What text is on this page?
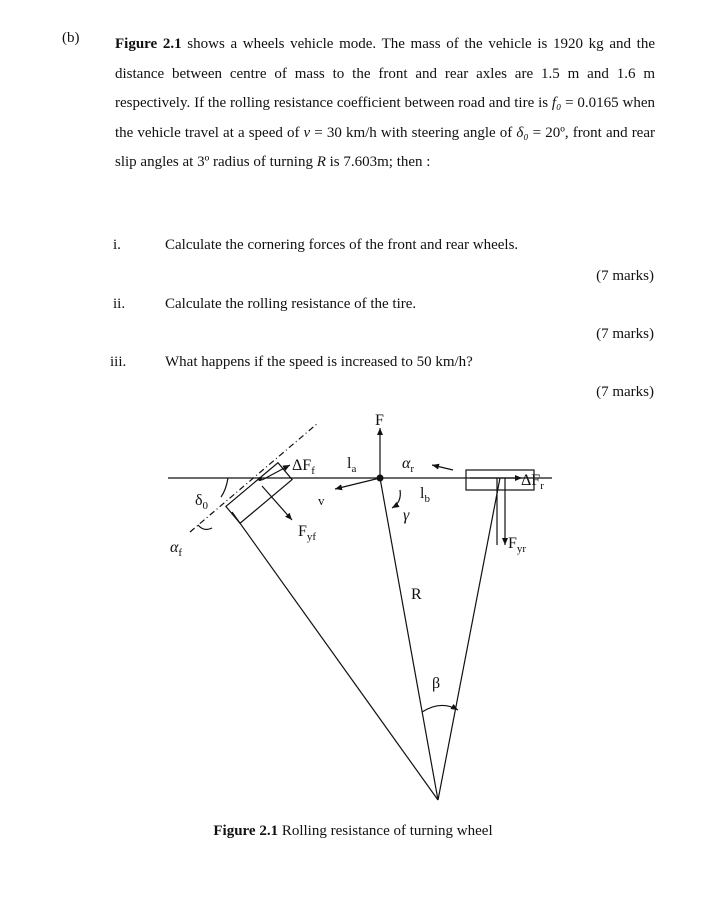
(b) Figure 2.1 shows a wheels vehicle mode. The mass of the vehicle is 1920 kg and the distance between centre of mass to the front and rear axles are 1.5 m and 1.6 m respectively. If the rolling resistance coefficient between road and tire is f₀ = 0.0165 when the vehicle travel at a speed of v = 30 km/h with steering angle of δ₀ = 20º, front and rear slip angles at 3º radius of turning R is 7.603m; then :
i.	Calculate the cornering forces of the front and rear wheels.
(7 marks)
ii.	Calculate the rolling resistance of the tire.
(7 marks)
iii.	What happens if the speed is increased to 50 km/h?
(7 marks)
F
$\Delta F_f$ $l_a$	$\alpha_r$
$\Delta F_r$
$\delta_0$	v	$l_b$
γ
$\alpha_f$
$F_{yf}$	$F_{yr}$
R
β
Figure 2.1 Rolling resistance of turning wheel
